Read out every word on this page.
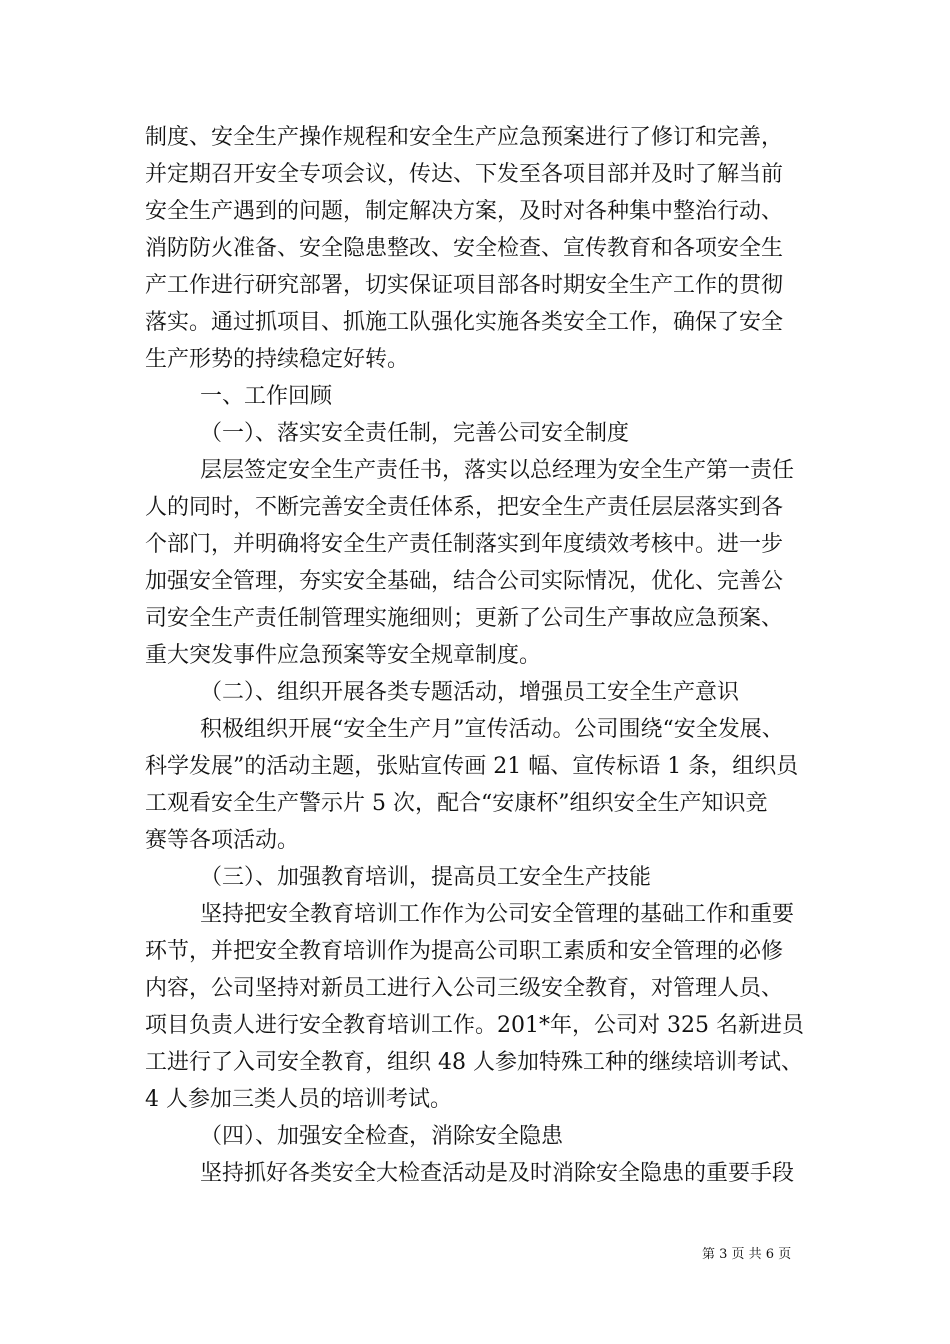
制度、安全生产操作规程和安全生产应急预案进行了修订和完善，
并定期召开安全专项会议，传达、下发至各项目部并及时了解当前
安全生产遇到的问题，制定解决方案，及时对各种集中整治行动、
消防防火准备、安全隐患整改、安全检查、宣传教育和各项安全生
产工作进行研究部署，切实保证项目部各时期安全生产工作的贯彻
落实。通过抓项目、抓施工队强化实施各类安全工作，确保了安全
生产形势的持续稳定好转。
一、工作回顾
（一）、落实安全责任制，完善公司安全制度
层层签定安全生产责任书，落实以总经理为安全生产第一责任
人的同时，不断完善安全责任体系，把安全生产责任层层落实到各
个部门，并明确将安全生产责任制落实到年度绩效考核中。进一步
加强安全管理，夯实安全基础，结合公司实际情况，优化、完善公
司安全生产责任制管理实施细则；更新了公司生产事故应急预案、
重大突发事件应急预案等安全规章制度。
（二）、组织开展各类专题活动，增强员工安全生产意识
积极组织开展“安全生产月”宣传活动。公司围绕“安全发展、
科学发展”的活动主题，张贴宣传画 21 幅、宣传标语 1 条，组织员
工观看安全生产警示片 5 次，配合“安康杯”组织安全生产知识竞
赛等各项活动。
（三）、加强教育培训，提高员工安全生产技能
坚持把安全教育培训工作作为公司安全管理的基础工作和重要
环节，并把安全教育培训作为提高公司职工素质和安全管理的必修
内容，公司坚持对新员工进行入公司三级安全教育，对管理人员、
项目负责人进行安全教育培训工作。201*年，公司对 325 名新进员
工进行了入司安全教育，组织 48 人参加特殊工种的继续培训考试、
4 人参加三类人员的培训考试。
（四）、加强安全检查，消除安全隐患
坚持抓好各类安全大检查活动是及时消除安全隐患的重要手段
第 3 页 共 6 页
